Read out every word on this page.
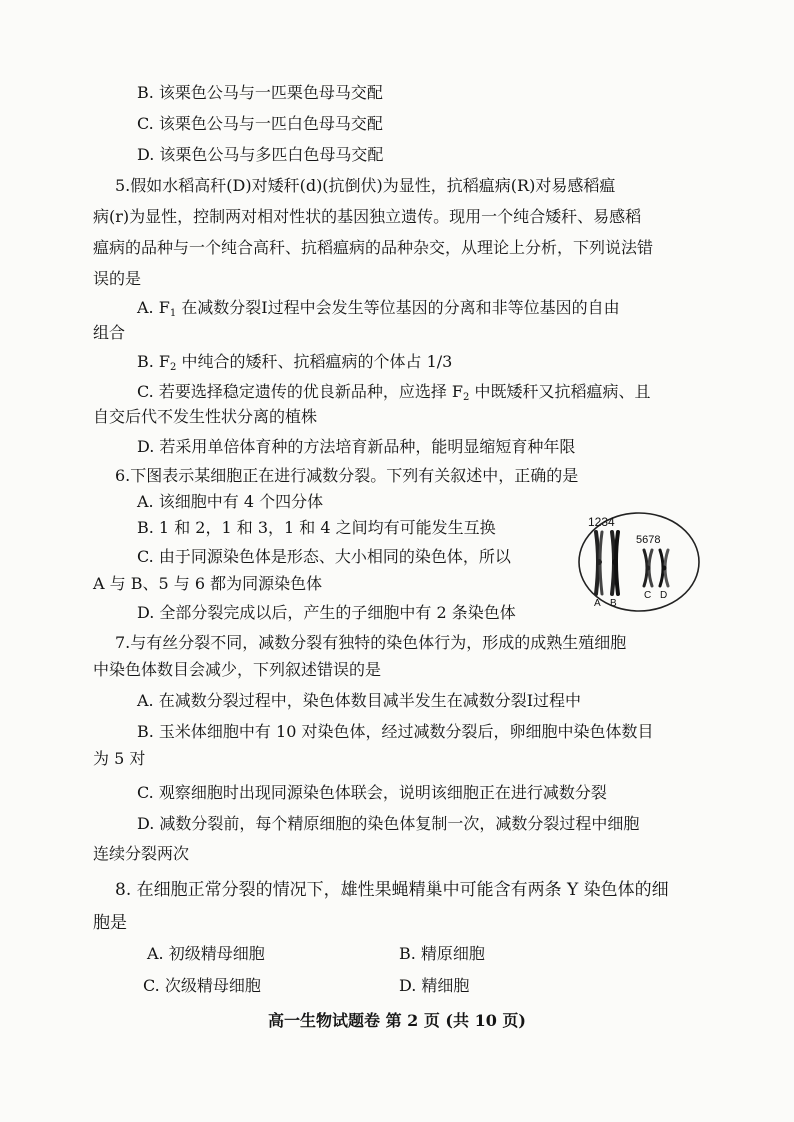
B. 该栗色公马与一匹栗色母马交配
C. 该栗色公马与一匹白色母马交配
D. 该栗色公马与多匹白色母马交配
5.假如水稻高秆(D)对矮秆(d)(抗倒伏)为显性，抗稻瘟病(R)对易感稻瘟
病(r)为显性，控制两对相对性状的基因独立遗传。现用一个纯合矮秆、易感稻
瘟病的品种与一个纯合高秆、抗稻瘟病的品种杂交，从理论上分析，下列说法错
误的是
A. $F_1$ 在减数分裂Ⅰ过程中会发生等位基因的分离和非等位基因的自由
组合
B. $F_2$ 中纯合的矮秆、抗稻瘟病的个体占 1/3
C. 若要选择稳定遗传的优良新品种，应选择 $F_2$ 中既矮秆又抗稻瘟病、且
自交后代不发生性状分离的植株
D. 若采用单倍体育种的方法培育新品种，能明显缩短育种年限
6.下图表示某细胞正在进行减数分裂。下列有关叙述中，正确的是
A. 该细胞中有 4 个四分体
B. 1 和 2，1 和 3，1 和 4 之间均有可能发生互换
C. 由于同源染色体是形态、大小相同的染色体，所以
A 与 B、5 与 6 都为同源染色体
D. 全部分裂完成以后，产生的子细胞中有 2 条染色体
1234
5678
A B
C D
7.与有丝分裂不同，减数分裂有独特的染色体行为，形成的成熟生殖细胞
中染色体数目会减少，下列叙述错误的是
A. 在减数分裂过程中，染色体数目减半发生在减数分裂Ⅰ过程中
B. 玉米体细胞中有 10 对染色体，经过减数分裂后，卵细胞中染色体数目
为 5 对
C. 观察细胞时出现同源染色体联会，说明该细胞正在进行减数分裂
D. 减数分裂前，每个精原细胞的染色体复制一次，减数分裂过程中细胞
连续分裂两次
8. 在细胞正常分裂的情况下，雄性果蝇精巢中可能含有两条 Y 染色体的细
胞是
A. 初级精母细胞	B. 精原细胞
C. 次级精母细胞	D. 精细胞
高一生物试题卷 第 2 页 (共 10 页)
